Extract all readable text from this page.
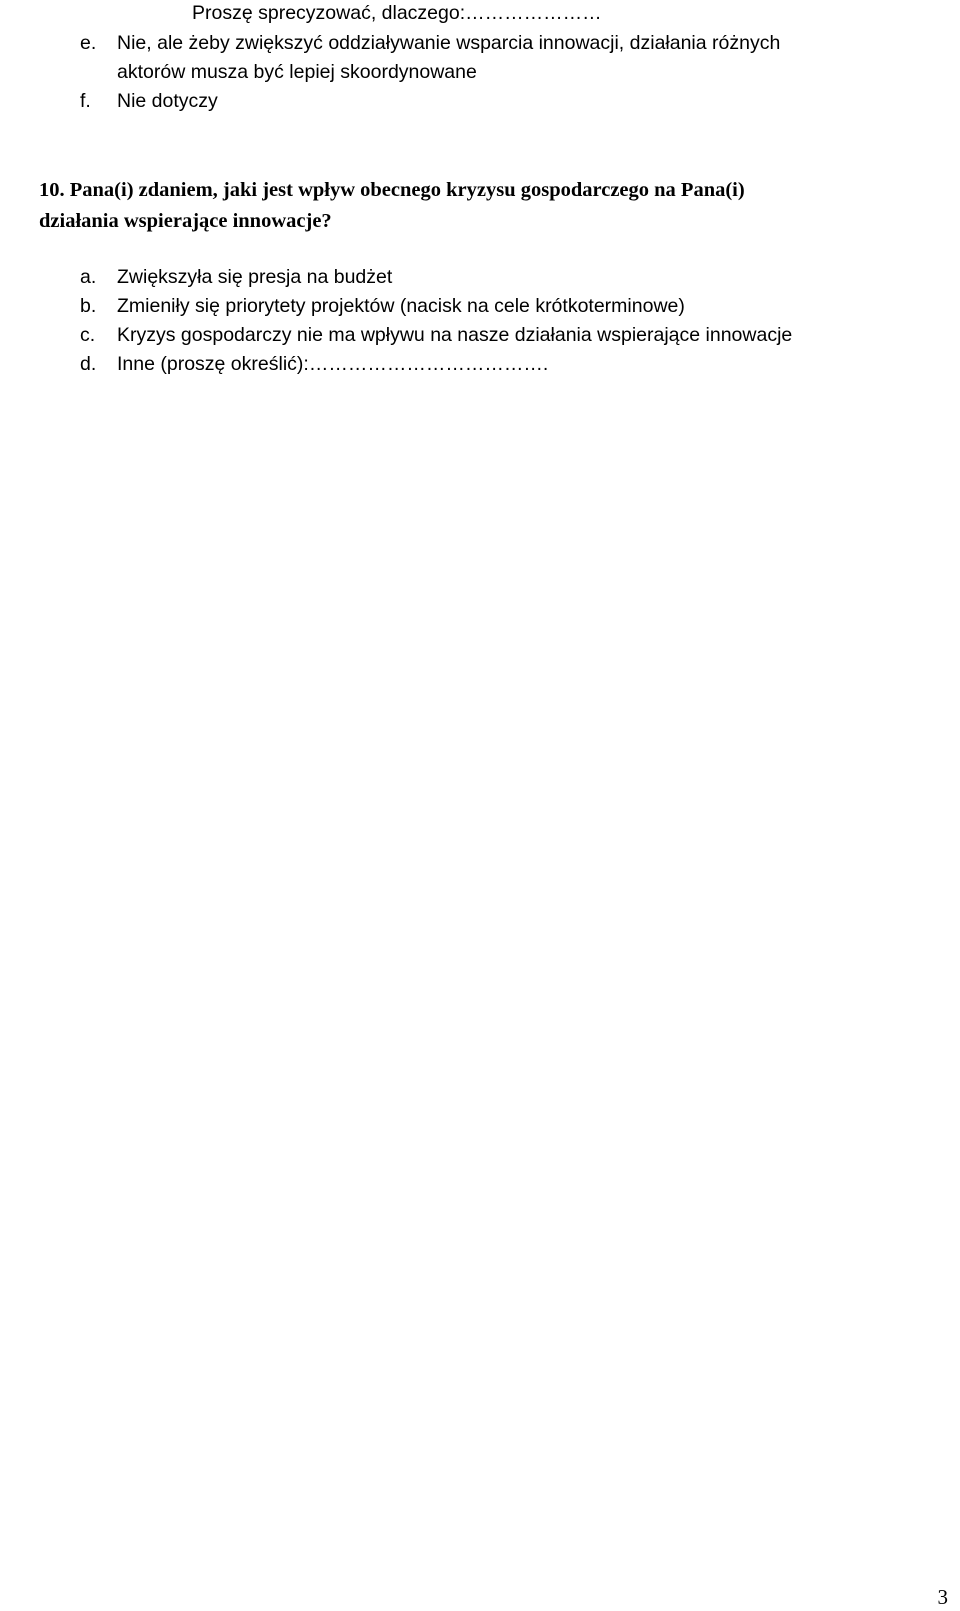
Proszę sprecyzować, dlaczego:…………………
e. Nie, ale żeby zwiększyć oddziaływanie wsparcia innowacji, działania różnych
aktorów musza być lepiej skoordynowane
f. Nie dotyczy
10. Pana(i) zdaniem, jaki jest wpływ obecnego kryzysu gospodarczego na Pana(i)
działania wspierające innowacje?
a. Zwiększyła się presja na budżet
b. Zmieniły się priorytety projektów (nacisk na cele krótkoterminowe)
c. Kryzys gospodarczy nie ma wpływu na nasze działania wspierające innowacje
d. Inne (proszę określić):……………………………….
3
